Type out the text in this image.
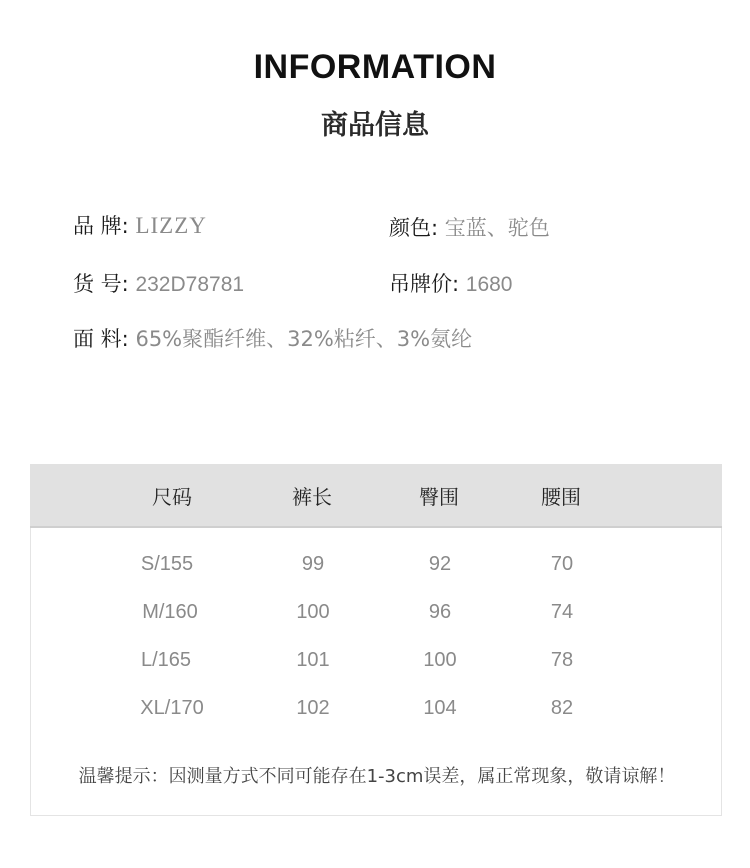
INFORMATION
商品信息
品 牌: LIZZY	颜色: 宝蓝、驼色
货 号: 232D78781	吊牌价: 1680
面 料: 65%聚酯纤维、32%粘纤、3%氨纶
尺码	裤长	臀围	腰围
S/155	99	92	70
M/160	100	96	74
L/165	101	100	78
XL/170	102	104	82
温馨提示：因测量方式不同可能存在1-3cm误差，属正常现象，敬请谅解！
